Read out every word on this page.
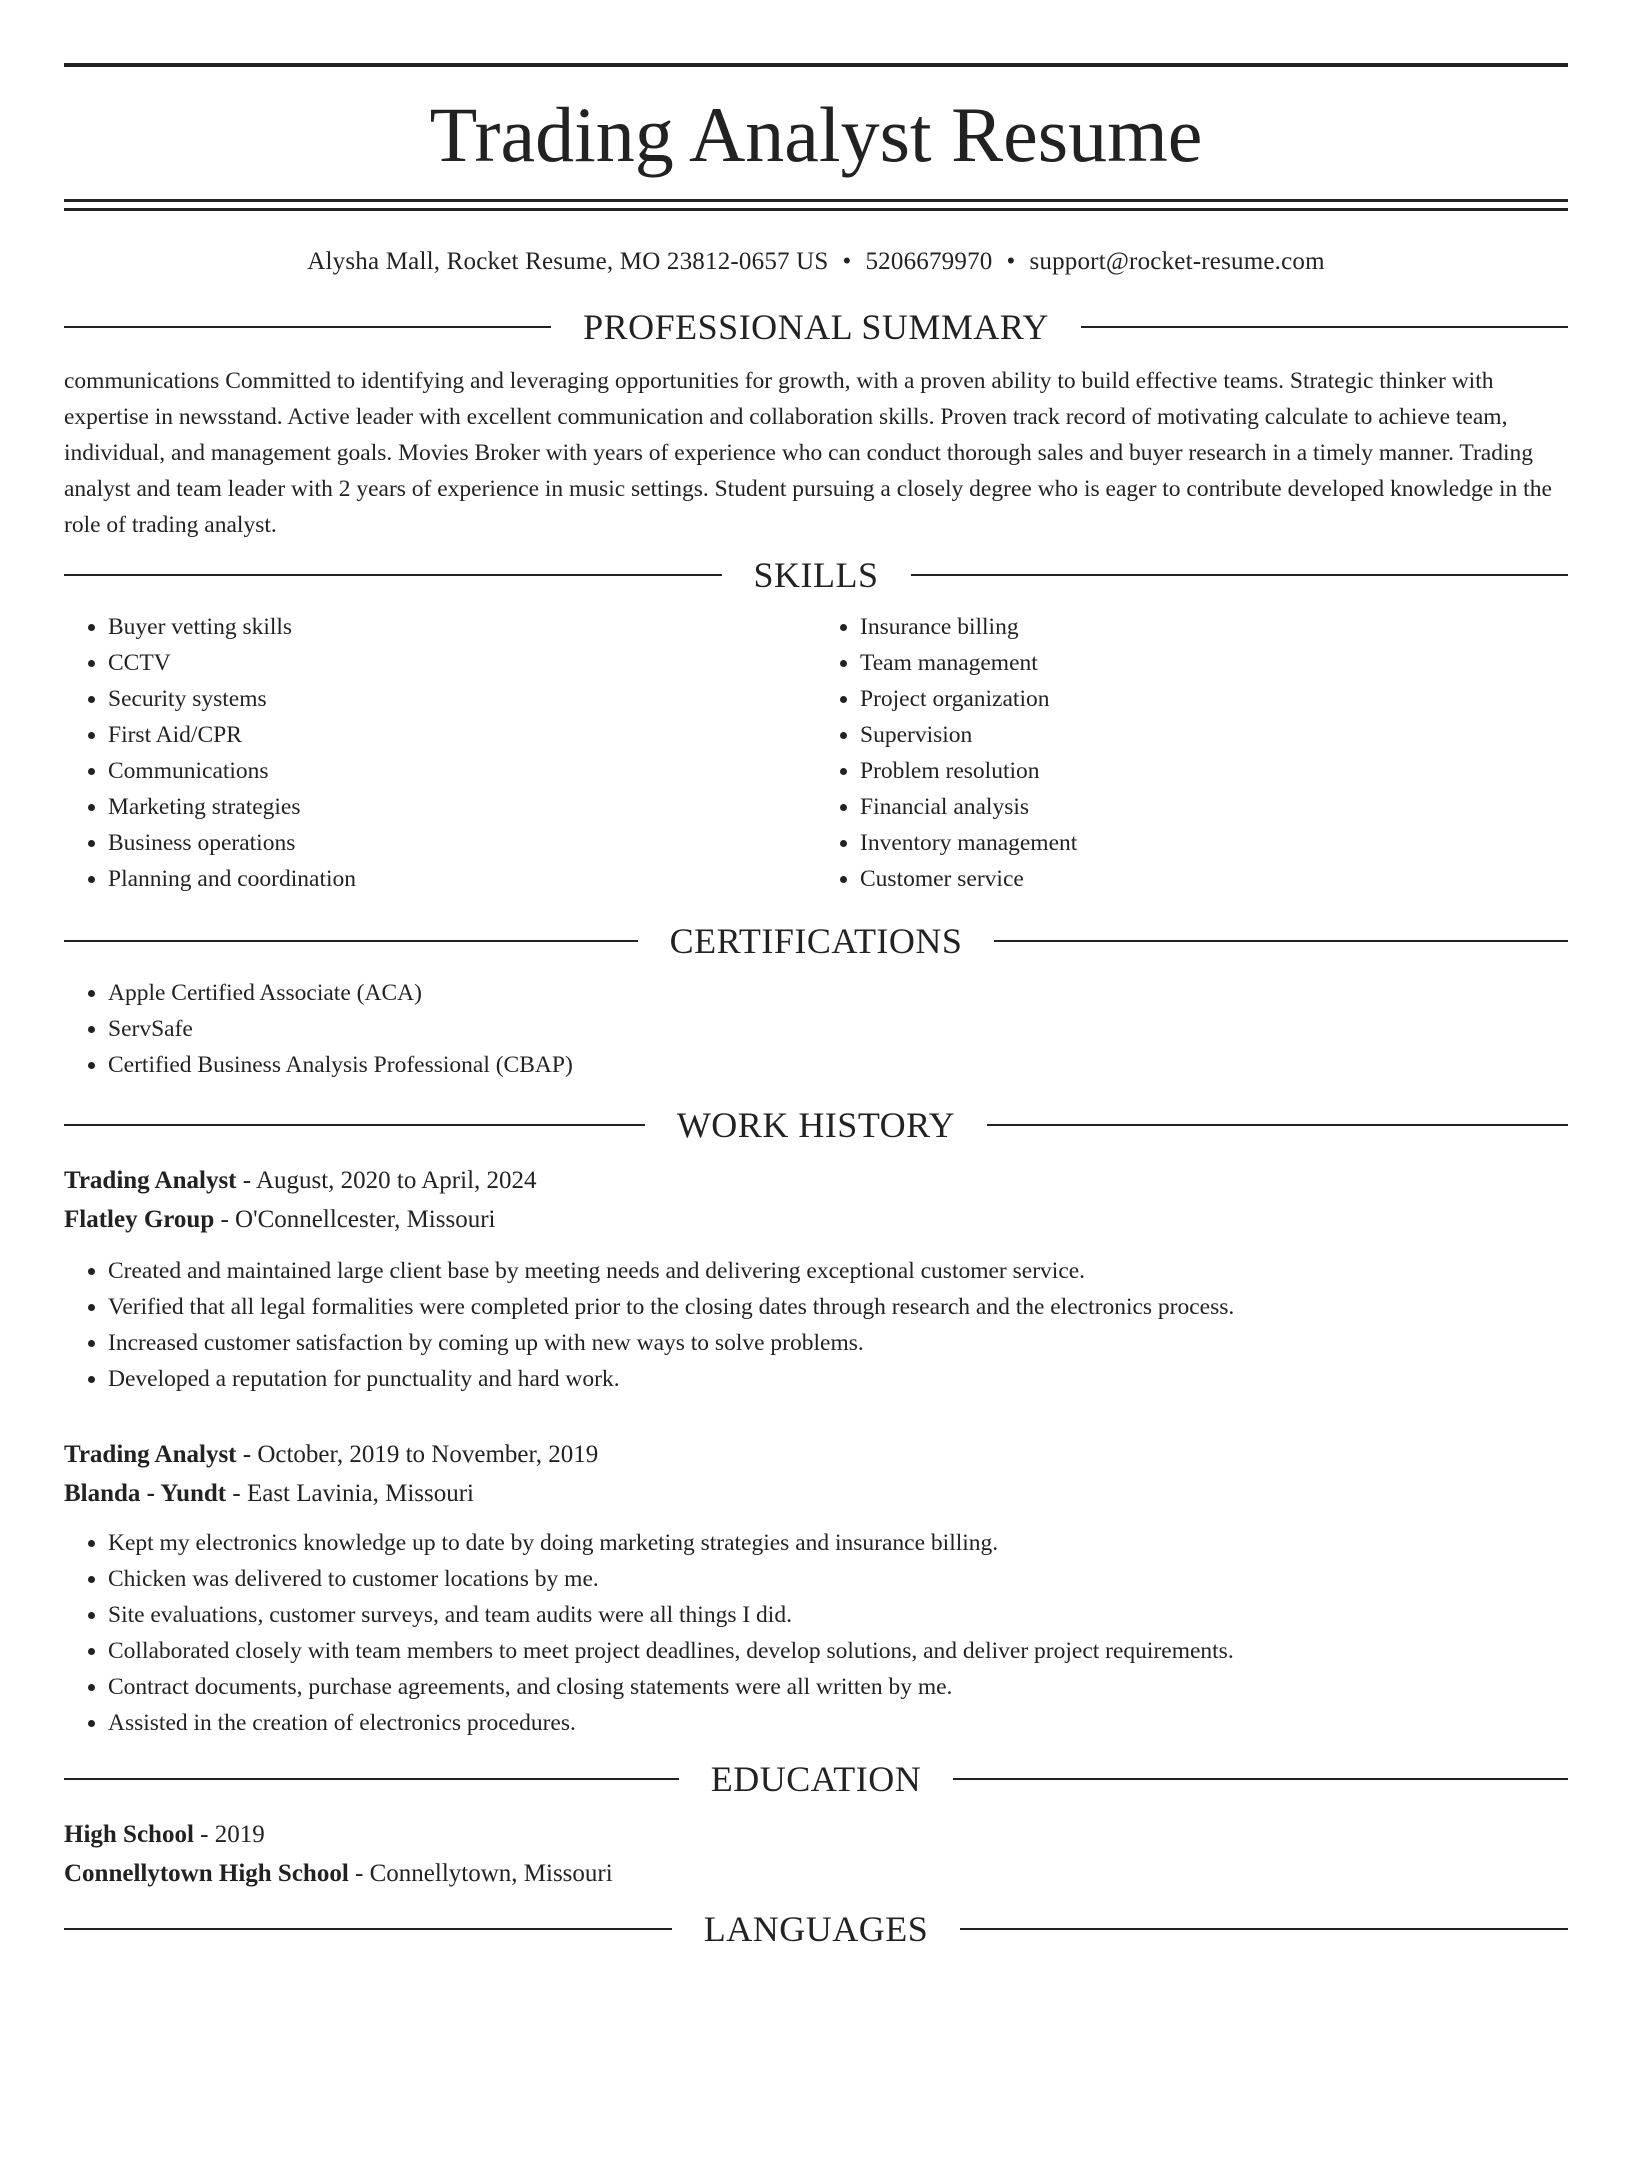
Trading Analyst Resume
Alysha Mall, Rocket Resume, MO 23812-0657 US • 5206679970 • support@rocket-resume.com
PROFESSIONAL SUMMARY

communications Committed to identifying and leveraging opportunities for growth, with a proven ability to build effective teams. Strategic thinker with expertise in newsstand. Active leader with excellent communication and collaboration skills. Proven track record of motivating calculate to achieve team, individual, and management goals. Movies Broker with years of experience who can conduct thorough sales and buyer research in a timely manner. Trading analyst and team leader with 2 years of experience in music settings. Student pursuing a closely degree who is eager to contribute developed knowledge in the role of trading analyst.

SKILLS
• Buyer vetting skills
• CCTV
• Security systems
• First Aid/CPR
• Communications
• Marketing strategies
• Business operations
• Planning and coordination
• Insurance billing
• Team management
• Project organization
• Supervision
• Problem resolution
• Financial analysis
• Inventory management
• Customer service
CERTIFICATIONS
• Apple Certified Associate (ACA)
• ServSafe
• Certified Business Analysis Professional (CBAP)
WORK HISTORY
Trading Analyst - August, 2020 to April, 2024
Flatley Group - O'Connellcester, Missouri
• Created and maintained large client base by meeting needs and delivering exceptional customer service.
• Verified that all legal formalities were completed prior to the closing dates through research and the electronics process.
• Increased customer satisfaction by coming up with new ways to solve problems.
• Developed a reputation for punctuality and hard work.
Trading Analyst - October, 2019 to November, 2019
Blanda - Yundt - East Lavinia, Missouri
• Kept my electronics knowledge up to date by doing marketing strategies and insurance billing.
• Chicken was delivered to customer locations by me.
• Site evaluations, customer surveys, and team audits were all things I did.
• Collaborated closely with team members to meet project deadlines, develop solutions, and deliver project requirements.
• Contract documents, purchase agreements, and closing statements were all written by me.
• Assisted in the creation of electronics procedures.
EDUCATION
High School - 2019
Connellytown High School - Connellytown, Missouri
LANGUAGES
